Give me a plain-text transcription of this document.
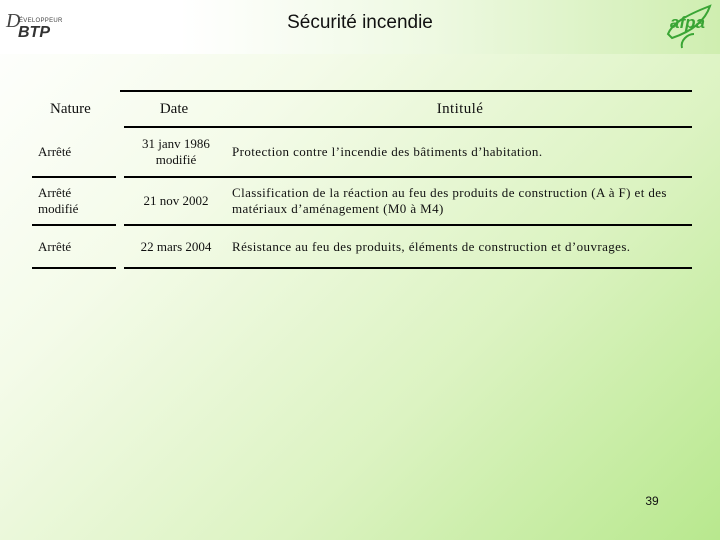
D
ÉVELOPPEUR
BTP	Sécurité incendie	afpa
Nature	Date	Intitulé
Arrêté	31 janv 1986 modifié	Protection contre l’incendie des bâtiments d’habitation.
Arrêté modifié	21 nov 2002	Classification de la réaction au feu des produits de construction (A à F) et des matériaux d’aménagement (M0 à M4)
Arrêté	22 mars 2004	Résistance au feu des produits, éléments de construction et d’ouvrages.
39
